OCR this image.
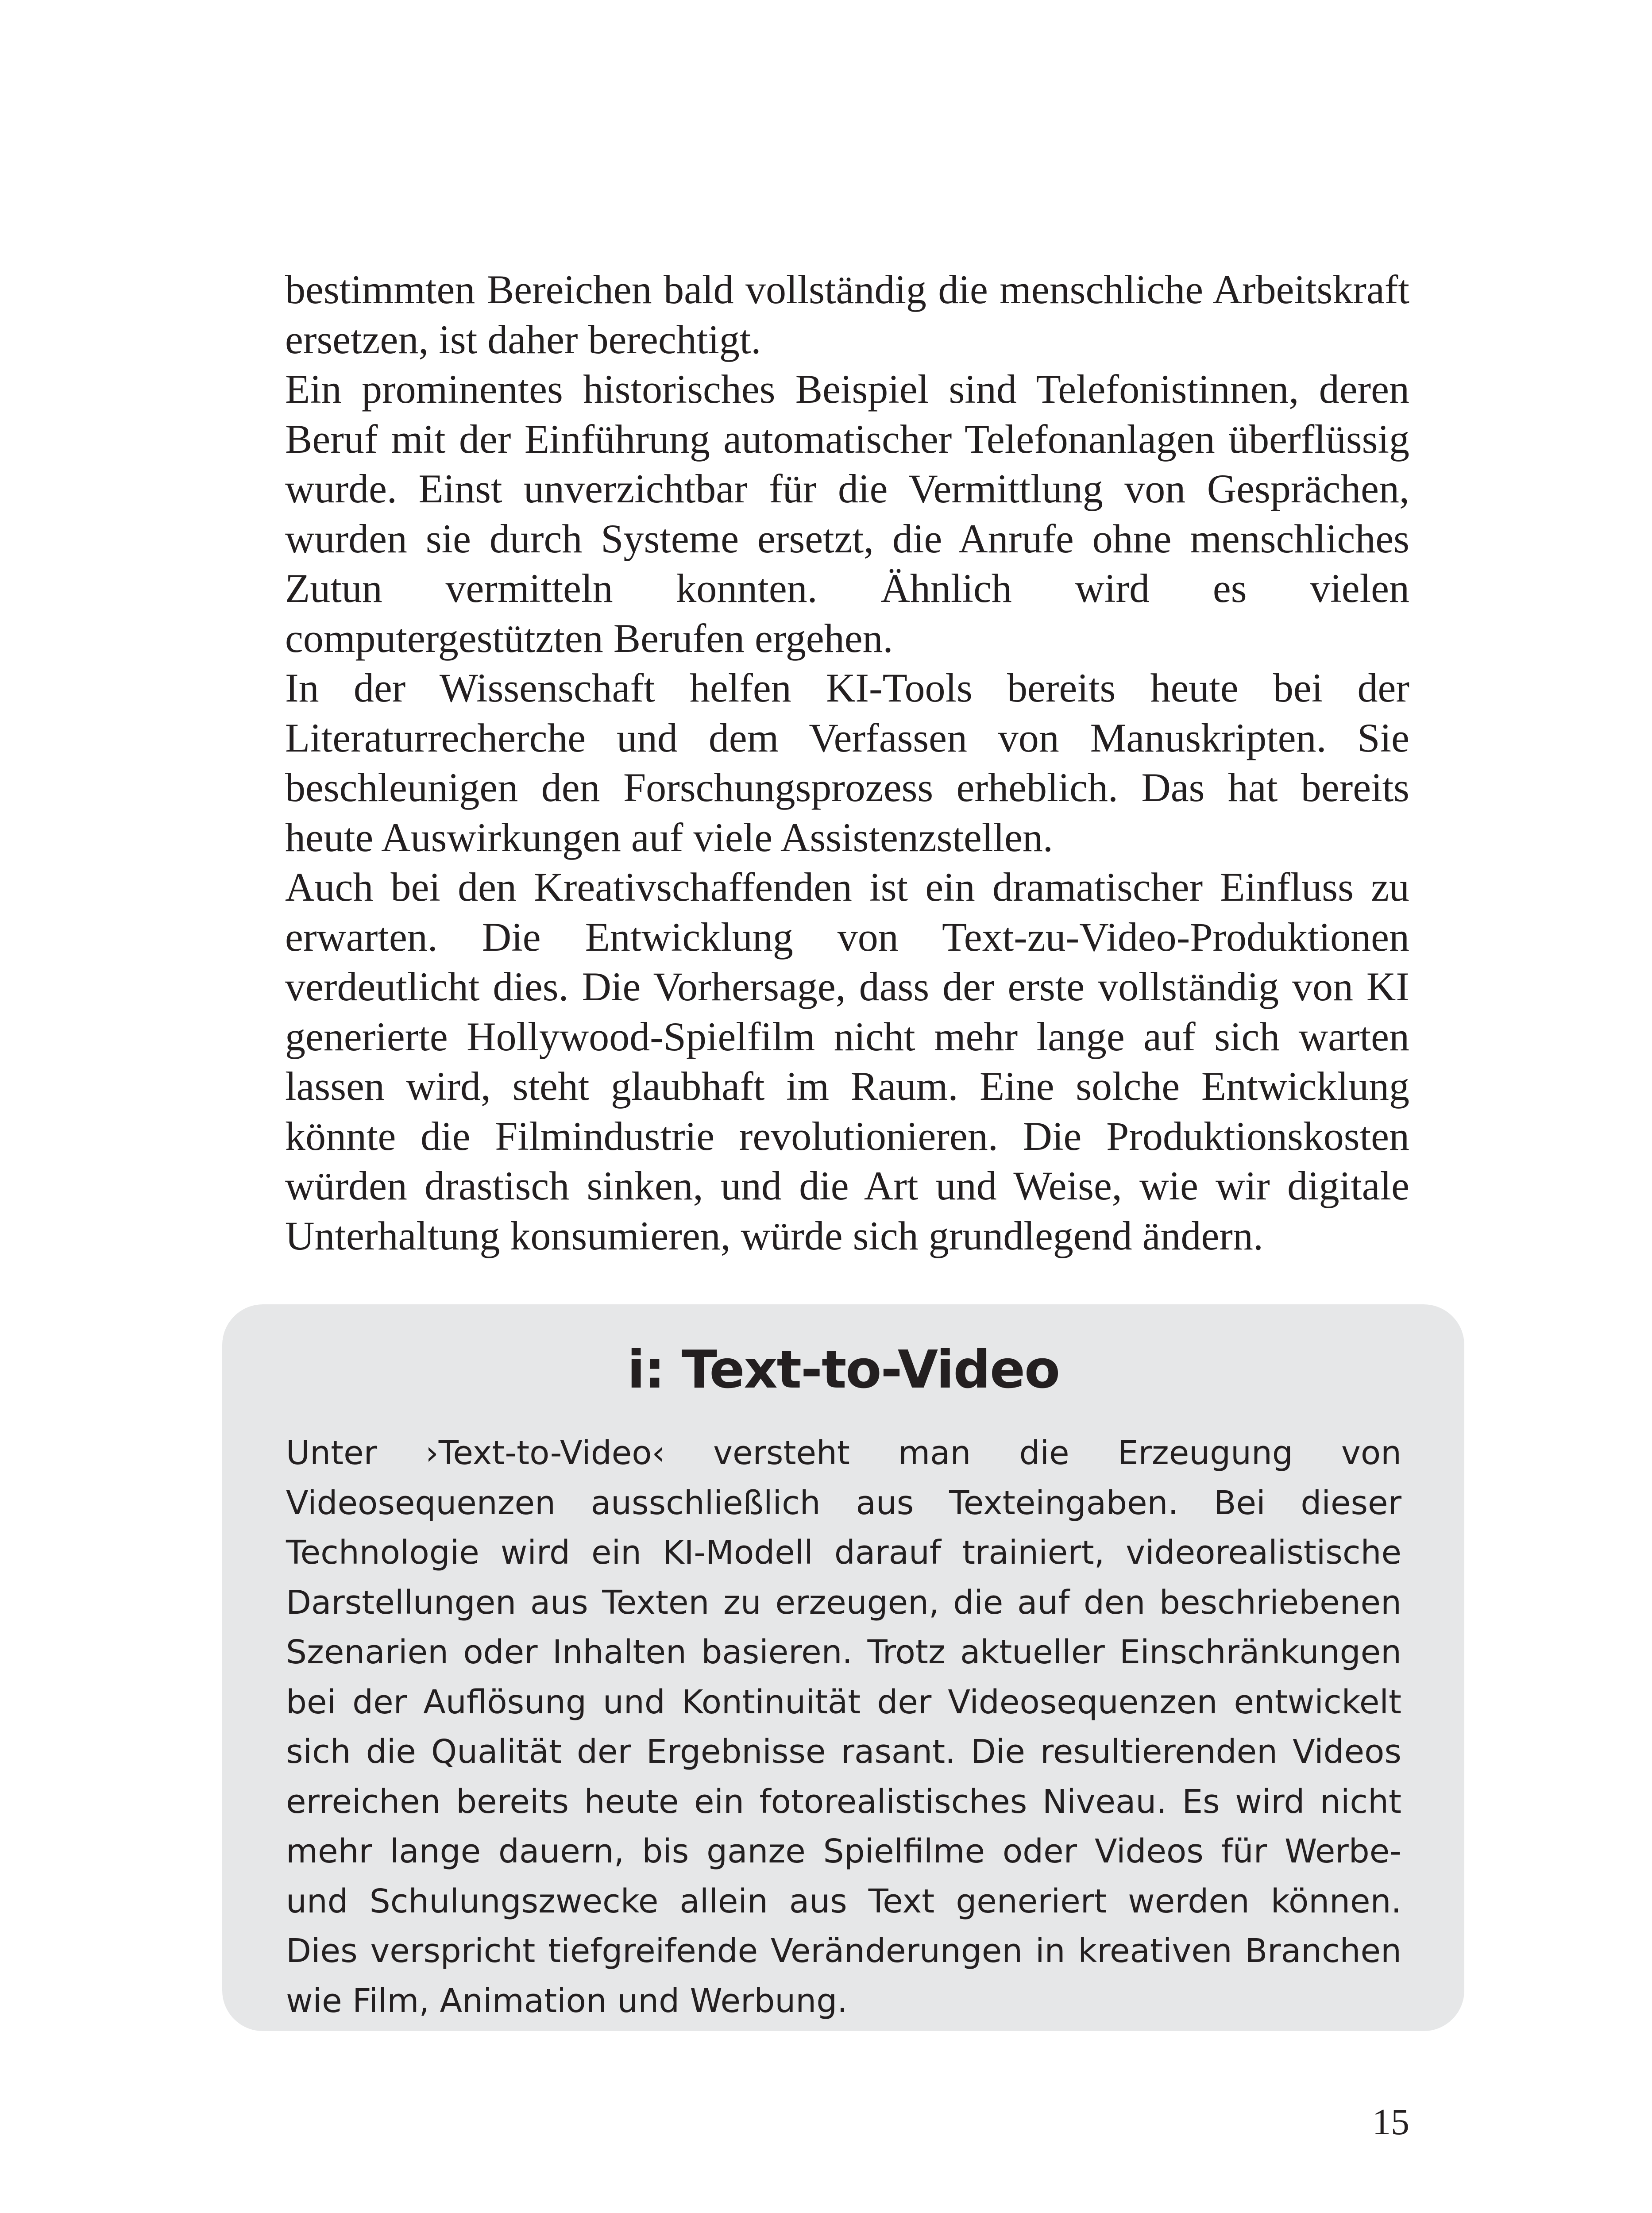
bestimmten Bereichen bald vollständig die menschliche Arbeitskraft ersetzen, ist daher berechtigt.

Ein prominentes historisches Beispiel sind Telefonistinnen, deren Beruf mit der Einführung automatischer Telefonanlagen überflüssig wurde. Einst unverzichtbar für die Vermittlung von Gesprächen, wurden sie durch Systeme ersetzt, die Anrufe ohne menschliches Zutun vermitteln konnten. Ähnlich wird es vielen computergestützten Berufen ergehen.

In der Wissenschaft helfen KI-Tools bereits heute bei der Literaturrecherche und dem Verfassen von Manuskripten. Sie beschleunigen den Forschungsprozess erheblich. Das hat bereits heute Auswirkungen auf viele Assistenzstellen.

Auch bei den Kreativschaffenden ist ein dramatischer Einfluss zu erwarten. Die Entwicklung von Text-zu-Video-Produktionen verdeutlicht dies. Die Vorhersage, dass der erste vollständig von KI generierte Hollywood-Spielfilm nicht mehr lange auf sich warten lassen wird, steht glaubhaft im Raum. Eine solche Entwicklung könnte die Filmindustrie revolutionieren. Die Produktionskosten würden drastisch sinken, und die Art und Weise, wie wir digitale Unterhaltung konsumieren, würde sich grundlegend ändern.

i: Text-to-Video

Unter ›Text-to-Video‹ versteht man die Erzeugung von Videosequenzen ausschließlich aus Texteingaben. Bei dieser Technologie wird ein KI-Modell darauf trainiert, videorealistische Darstellungen aus Texten zu erzeugen, die auf den beschriebenen Szenarien oder Inhalten basieren. Trotz aktueller Einschränkungen bei der Auflösung und Kontinuität der Videosequenzen entwickelt sich die Qualität der Ergebnisse rasant. Die resultierenden Videos erreichen bereits heute ein fotorealistisches Niveau. Es wird nicht mehr lange dauern, bis ganze Spielfilme oder Videos für Werbe- und Schulungszwecke allein aus Text generiert werden können. Dies verspricht tiefgreifende Veränderungen in kreativen Branchen wie Film, Animation und Werbung.

15
